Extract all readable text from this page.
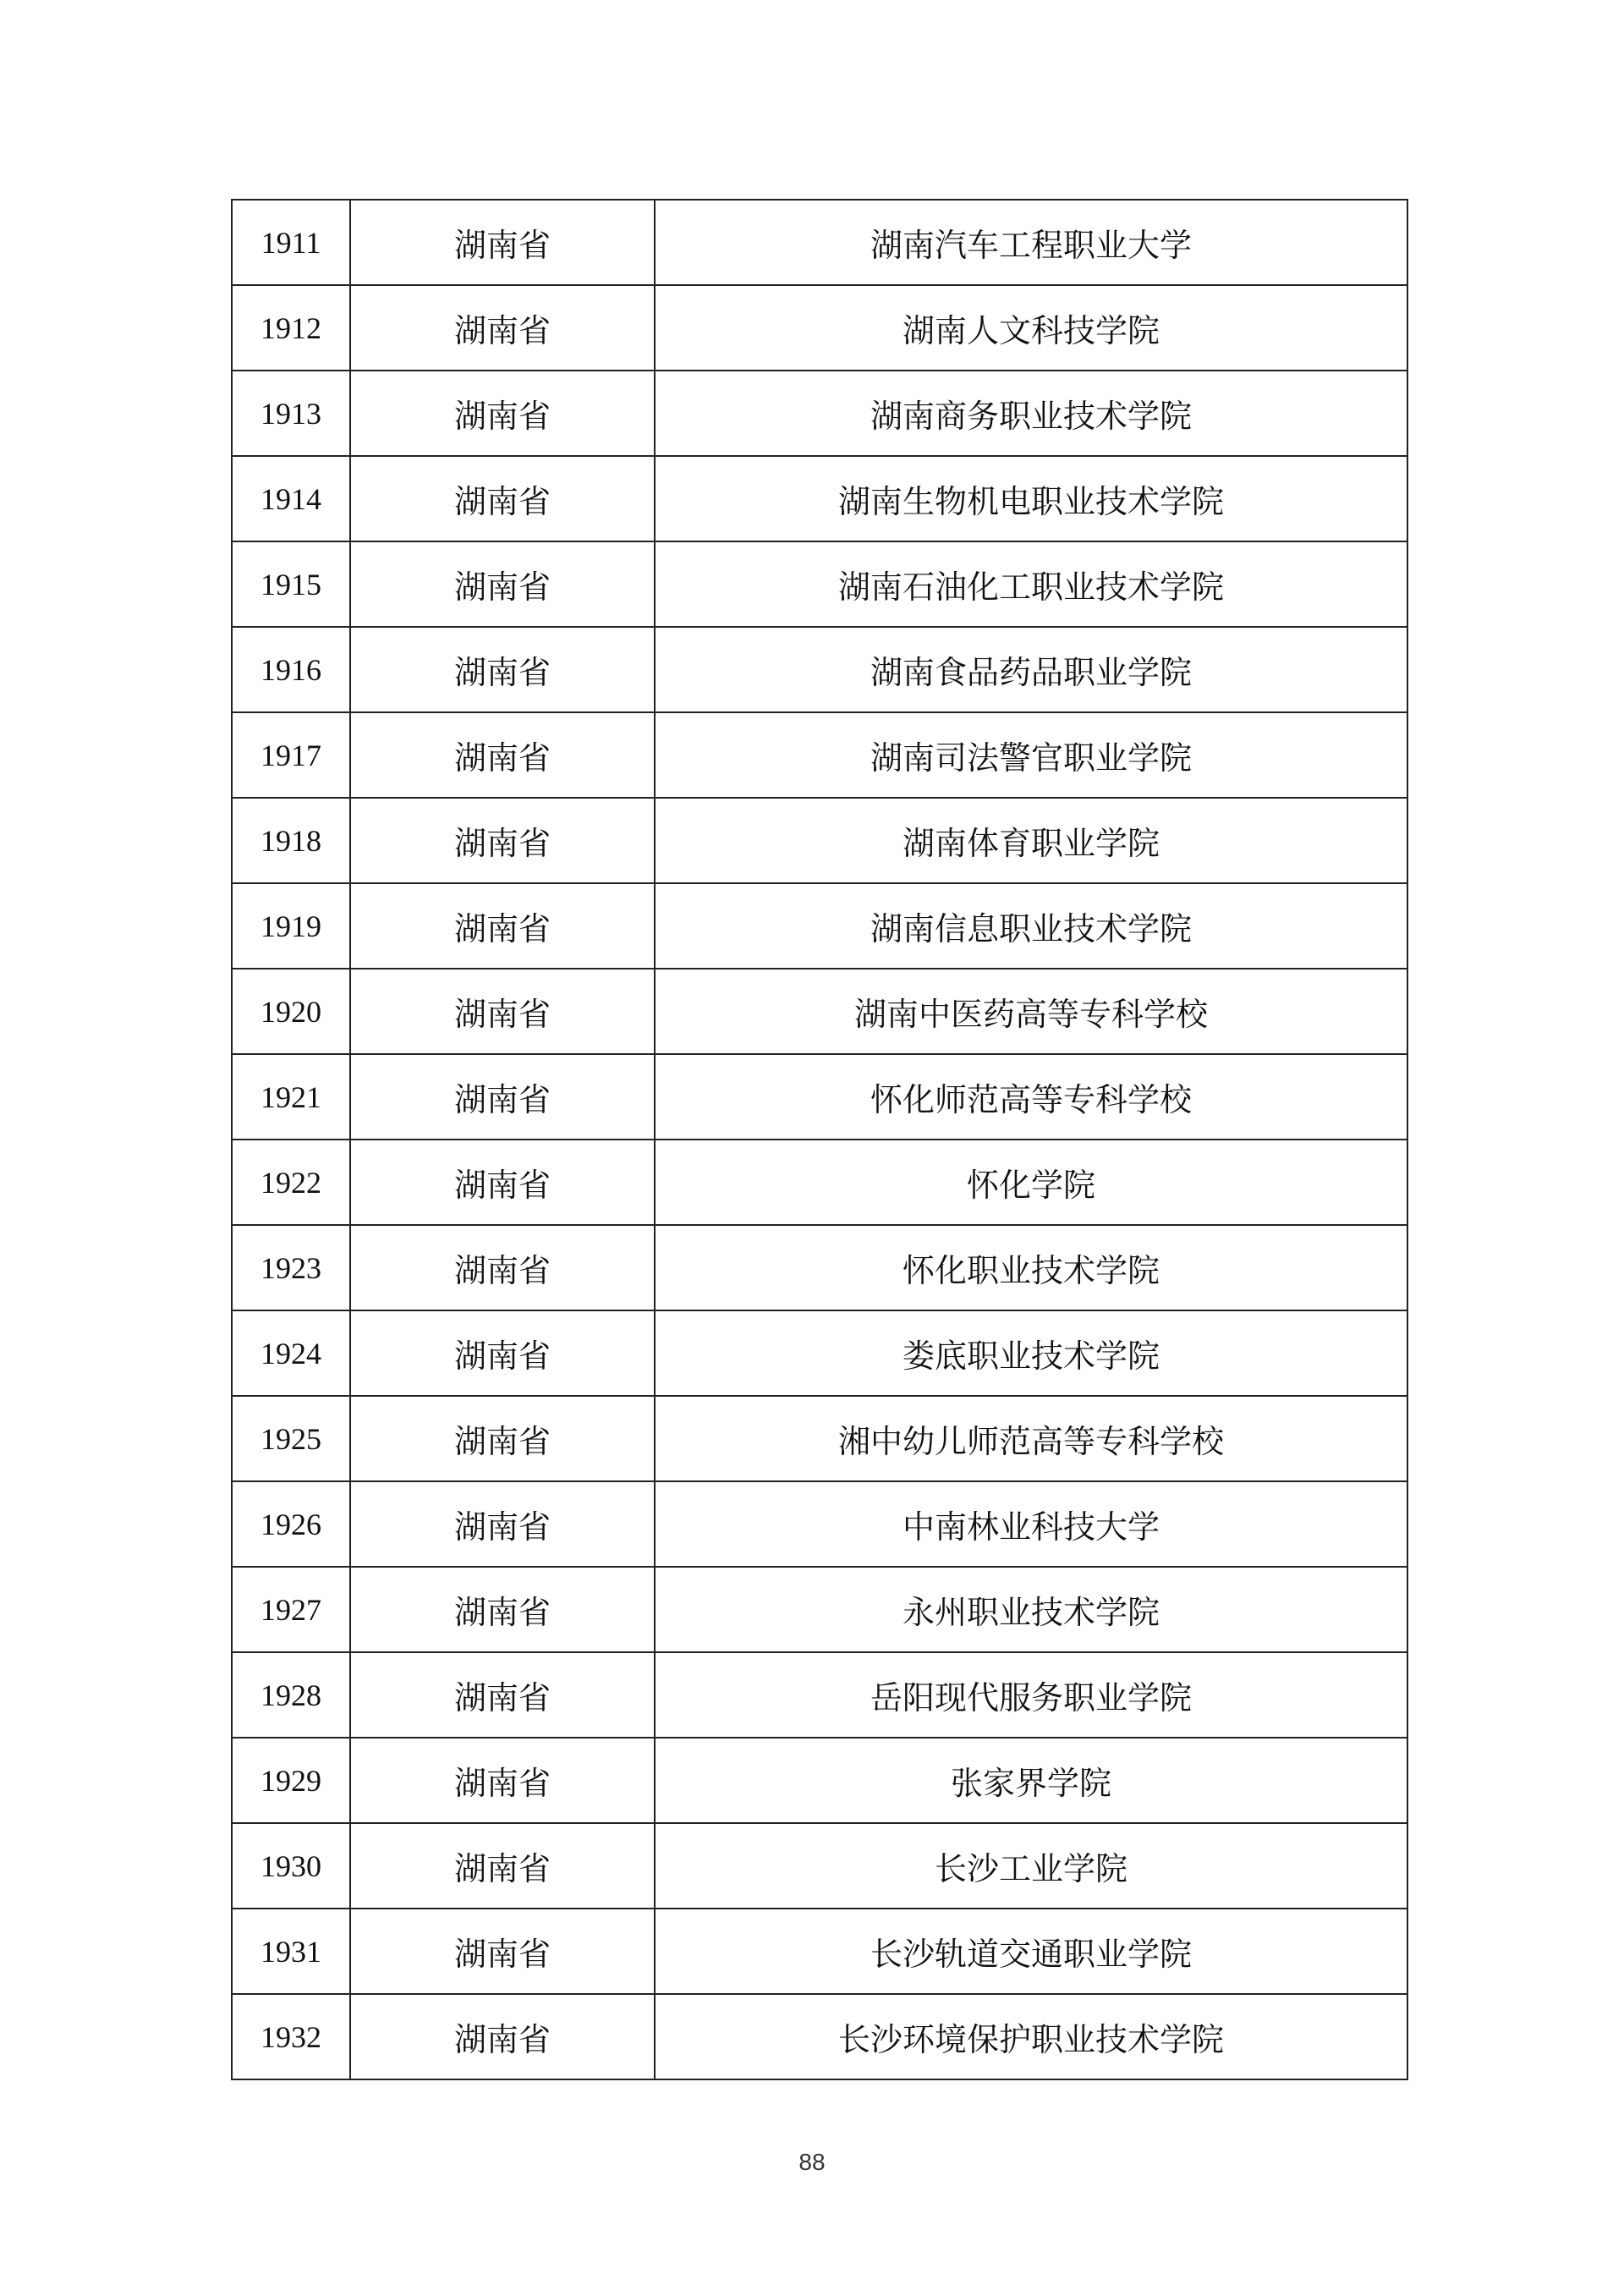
1911	湖南省	湖南汽车工程职业大学
1912	湖南省	湖南人文科技学院
1913	湖南省	湖南商务职业技术学院
1914	湖南省	湖南生物机电职业技术学院
1915	湖南省	湖南石油化工职业技术学院
1916	湖南省	湖南食品药品职业学院
1917	湖南省	湖南司法警官职业学院
1918	湖南省	湖南体育职业学院
1919	湖南省	湖南信息职业技术学院
1920	湖南省	湖南中医药高等专科学校
1921	湖南省	怀化师范高等专科学校
1922	湖南省	怀化学院
1923	湖南省	怀化职业技术学院
1924	湖南省	娄底职业技术学院
1925	湖南省	湘中幼儿师范高等专科学校
1926	湖南省	中南林业科技大学
1927	湖南省	永州职业技术学院
1928	湖南省	岳阳现代服务职业学院
1929	湖南省	张家界学院
1930	湖南省	长沙工业学院
1931	湖南省	长沙轨道交通职业学院
1932	湖南省	长沙环境保护职业技术学院
88
